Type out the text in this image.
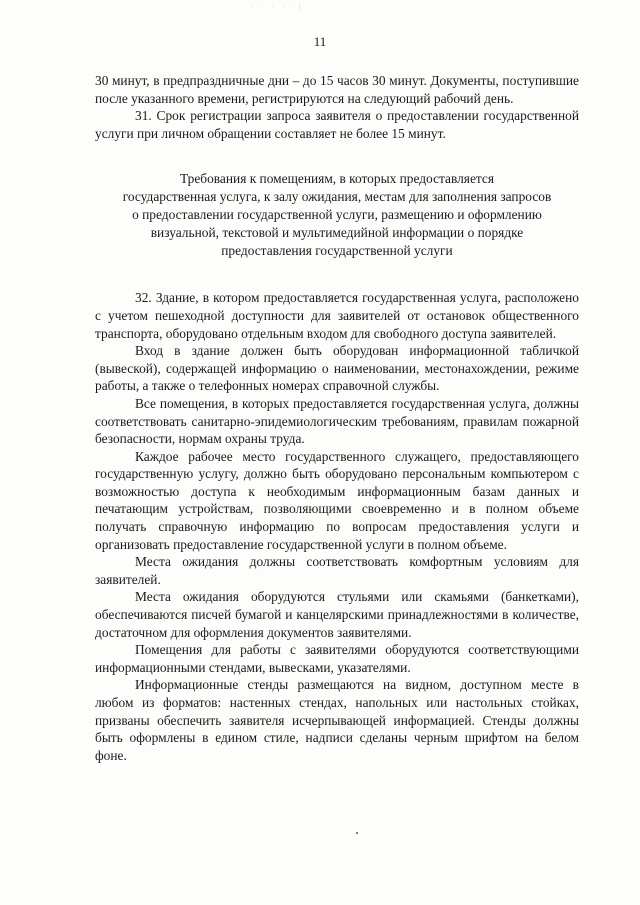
· · · · ·|
11

30 минут, в предпраздничные дни – до 15 часов 30 минут. Документы, поступившие после указанного времени, регистрируются на следующий рабочий день.

31. Срок регистрации запроса заявителя о предоставлении государственной услуги при личном обращении составляет не более 15 минут.

Требования к помещениям, в которых предоставляется
государственная услуга, к залу ожидания, местам для заполнения запросов
о предоставлении государственной услуги, размещению и оформлению
визуальной, текстовой и мультимедийной информации о порядке
предоставления государственной услуги

32. Здание, в котором предоставляется государственная услуга, расположено с учетом пешеходной доступности для заявителей от остановок общественного транспорта, оборудовано отдельным входом для свободного доступа заявителей.

Вход в здание должен быть оборудован информационной табличкой (вывеской), содержащей информацию о наименовании, местонахождении, режиме работы, а также о телефонных номерах справочной службы.

Все помещения, в которых предоставляется государственная услуга, должны соответствовать санитарно-эпидемиологическим требованиям, правилам пожарной безопасности, нормам охраны труда.

Каждое рабочее место государственного служащего, предоставляющего государственную услугу, должно быть оборудовано персональным компьютером с возможностью доступа к необходимым информационным базам данных и печатающим устройствам, позволяющими своевременно и в полном объеме получать справочную информацию по вопросам предоставления услуги и организовать предоставление государственной услуги в полном объеме.

Места ожидания должны соответствовать комфортным условиям для заявителей.

Места ожидания оборудуются стульями или скамьями (банкетками), обеспечиваются писчей бумагой и канцелярскими принадлежностями в количестве, достаточном для оформления документов заявителями.

Помещения для работы с заявителями оборудуются соответствующими информационными стендами, вывесками, указателями.

Информационные стенды размещаются на видном, доступном месте в любом из форматов: настенных стендах, напольных или настольных стойках, призваны обеспечить заявителя исчерпывающей информацией. Стенды должны быть оформлены в едином стиле, надписи сделаны черным шрифтом на белом фоне.
